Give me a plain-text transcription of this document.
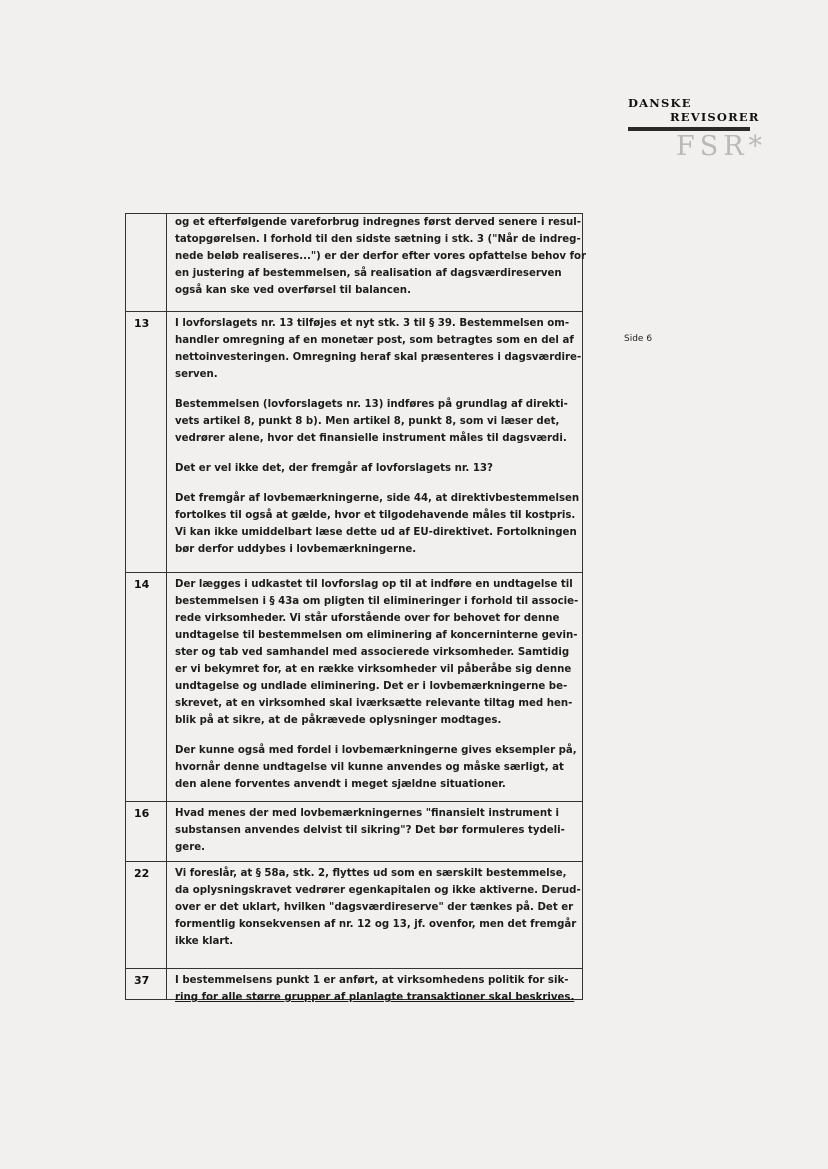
DANSKE
REVISORER
FSR*
Side 6

og et efterfølgende vareforbrug indregnes først derved senere i resul-

tatopgørelsen. I forhold til den sidste sætning i stk. 3 ("Når de indreg-

nede beløb realiseres...") er der derfor efter vores opfattelse behov for

en justering af bestemmelsen, så realisation af dagsværdireserven

også kan ske ved overførsel til balancen.

13	I lovforslagets nr. 13 tilføjes et nyt stk. 3 til § 39. Bestemmelsen om-

handler omregning af en monetær post, som betragtes som en del af

nettoinvesteringen. Omregning heraf skal præsenteres i dagsværdire-

serven.

Bestemmelsen (lovforslagets nr. 13) indføres på grundlag af direkti-

vets artikel 8, punkt 8 b). Men artikel 8, punkt 8, som vi læser det,

vedrører alene, hvor det finansielle instrument måles til dagsværdi.

Det er vel ikke det, der fremgår af lovforslagets nr. 13?

Det fremgår af lovbemærkningerne, side 44, at direktivbestemmelsen

fortolkes til også at gælde, hvor et tilgodehavende måles til kostpris.

Vi kan ikke umiddelbart læse dette ud af EU-direktivet. Fortolkningen

bør derfor uddybes i lovbemærkningerne.

14	Der lægges i udkastet til lovforslag op til at indføre en undtagelse til

bestemmelsen i § 43a om pligten til elimineringer i forhold til associe-

rede virksomheder. Vi står uforstående over for behovet for denne

undtagelse til bestemmelsen om eliminering af koncerninterne gevin-

ster og tab ved samhandel med associerede virksomheder. Samtidig

er vi bekymret for, at en række virksomheder vil påberåbe sig denne

undtagelse og undlade eliminering. Det er i lovbemærkningerne be-

skrevet, at en virksomhed skal iværksætte relevante tiltag med hen-

blik på at sikre, at de påkrævede oplysninger modtages.

Der kunne også med fordel i lovbemærkningerne gives eksempler på,

hvornår denne undtagelse vil kunne anvendes og måske særligt, at

den alene forventes anvendt i meget sjældne situationer.

16	Hvad menes der med lovbemærkningernes "finansielt instrument i

substansen anvendes delvist til sikring"? Det bør formuleres tydeli-

gere.

22	Vi foreslår, at § 58a, stk. 2, flyttes ud som en særskilt bestemmelse,

da oplysningskravet vedrører egenkapitalen og ikke aktiverne. Derud-

over er det uklart, hvilken "dagsværdireserve" der tænkes på. Det er

formentlig konsekvensen af nr. 12 og 13, jf. ovenfor, men det fremgår

ikke klart.

37	I bestemmelsens punkt 1 er anført, at virksomhedens politik for sik-

ring for alle større grupper af planlagte transaktioner skal beskrives.
